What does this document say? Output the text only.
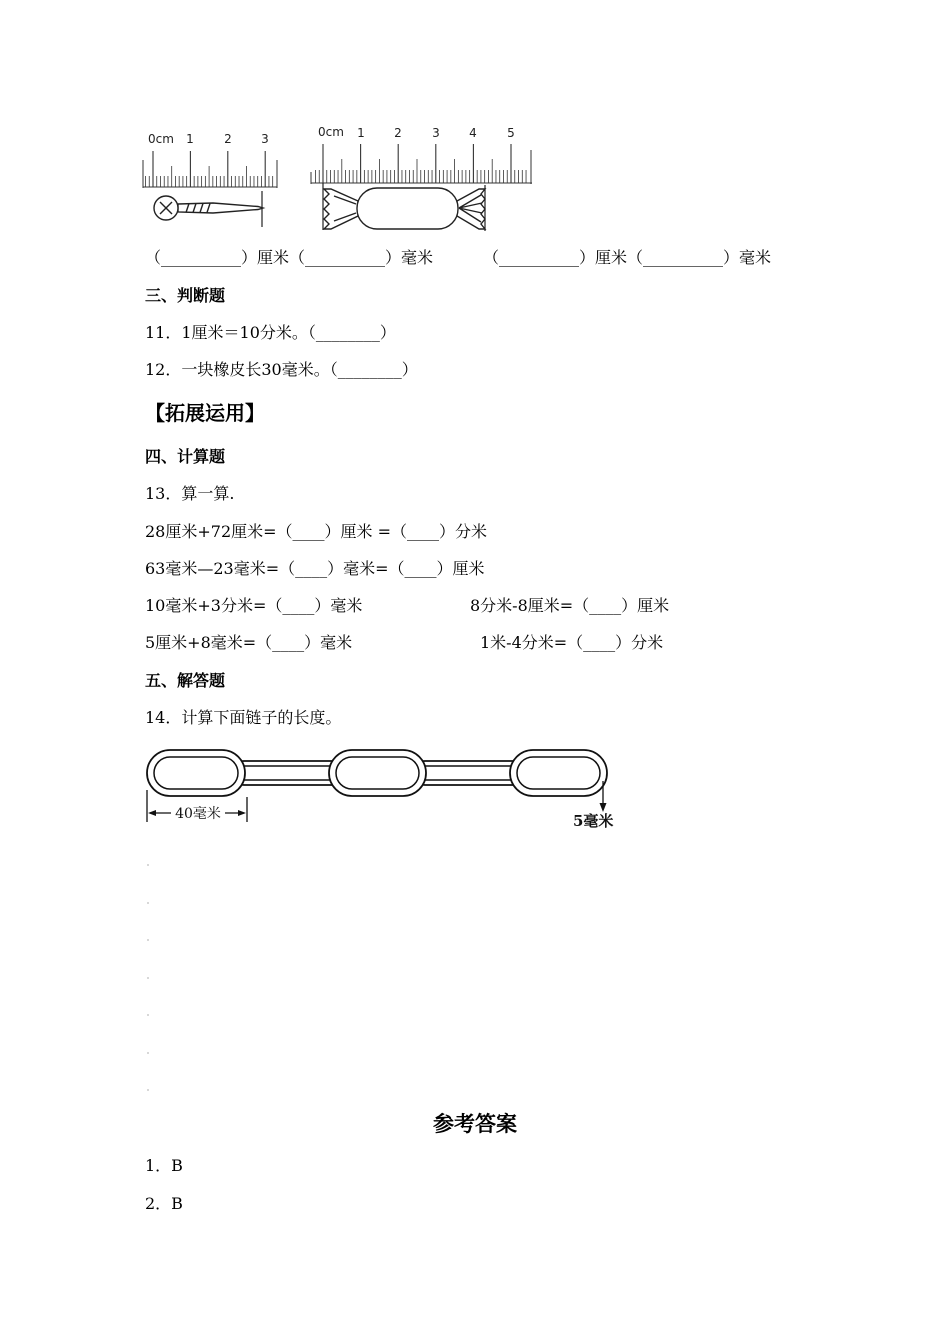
0cm 1	2 3	0cm 1 2	3 4	5
（__________）厘米（__________）毫米	（__________）厘米（__________）毫米
三、判断题
11．1厘米＝10分米。（________）
12．一块橡皮长30毫米。（________）
【拓展运用】
四、计算题
13．算一算.
28厘米+72厘米=（____）厘米 =（____）分米
63毫米—23毫米=（____）毫米=（____）厘米
10毫米+3分米=（____）毫米	8分米-8厘米=（____）厘米
5厘米+8毫米=（____）毫米	1米-4分米=（____）分米
五、解答题
14．计算下面链子的长度。
40毫米	5毫米
参考答案
1．B
2．B
